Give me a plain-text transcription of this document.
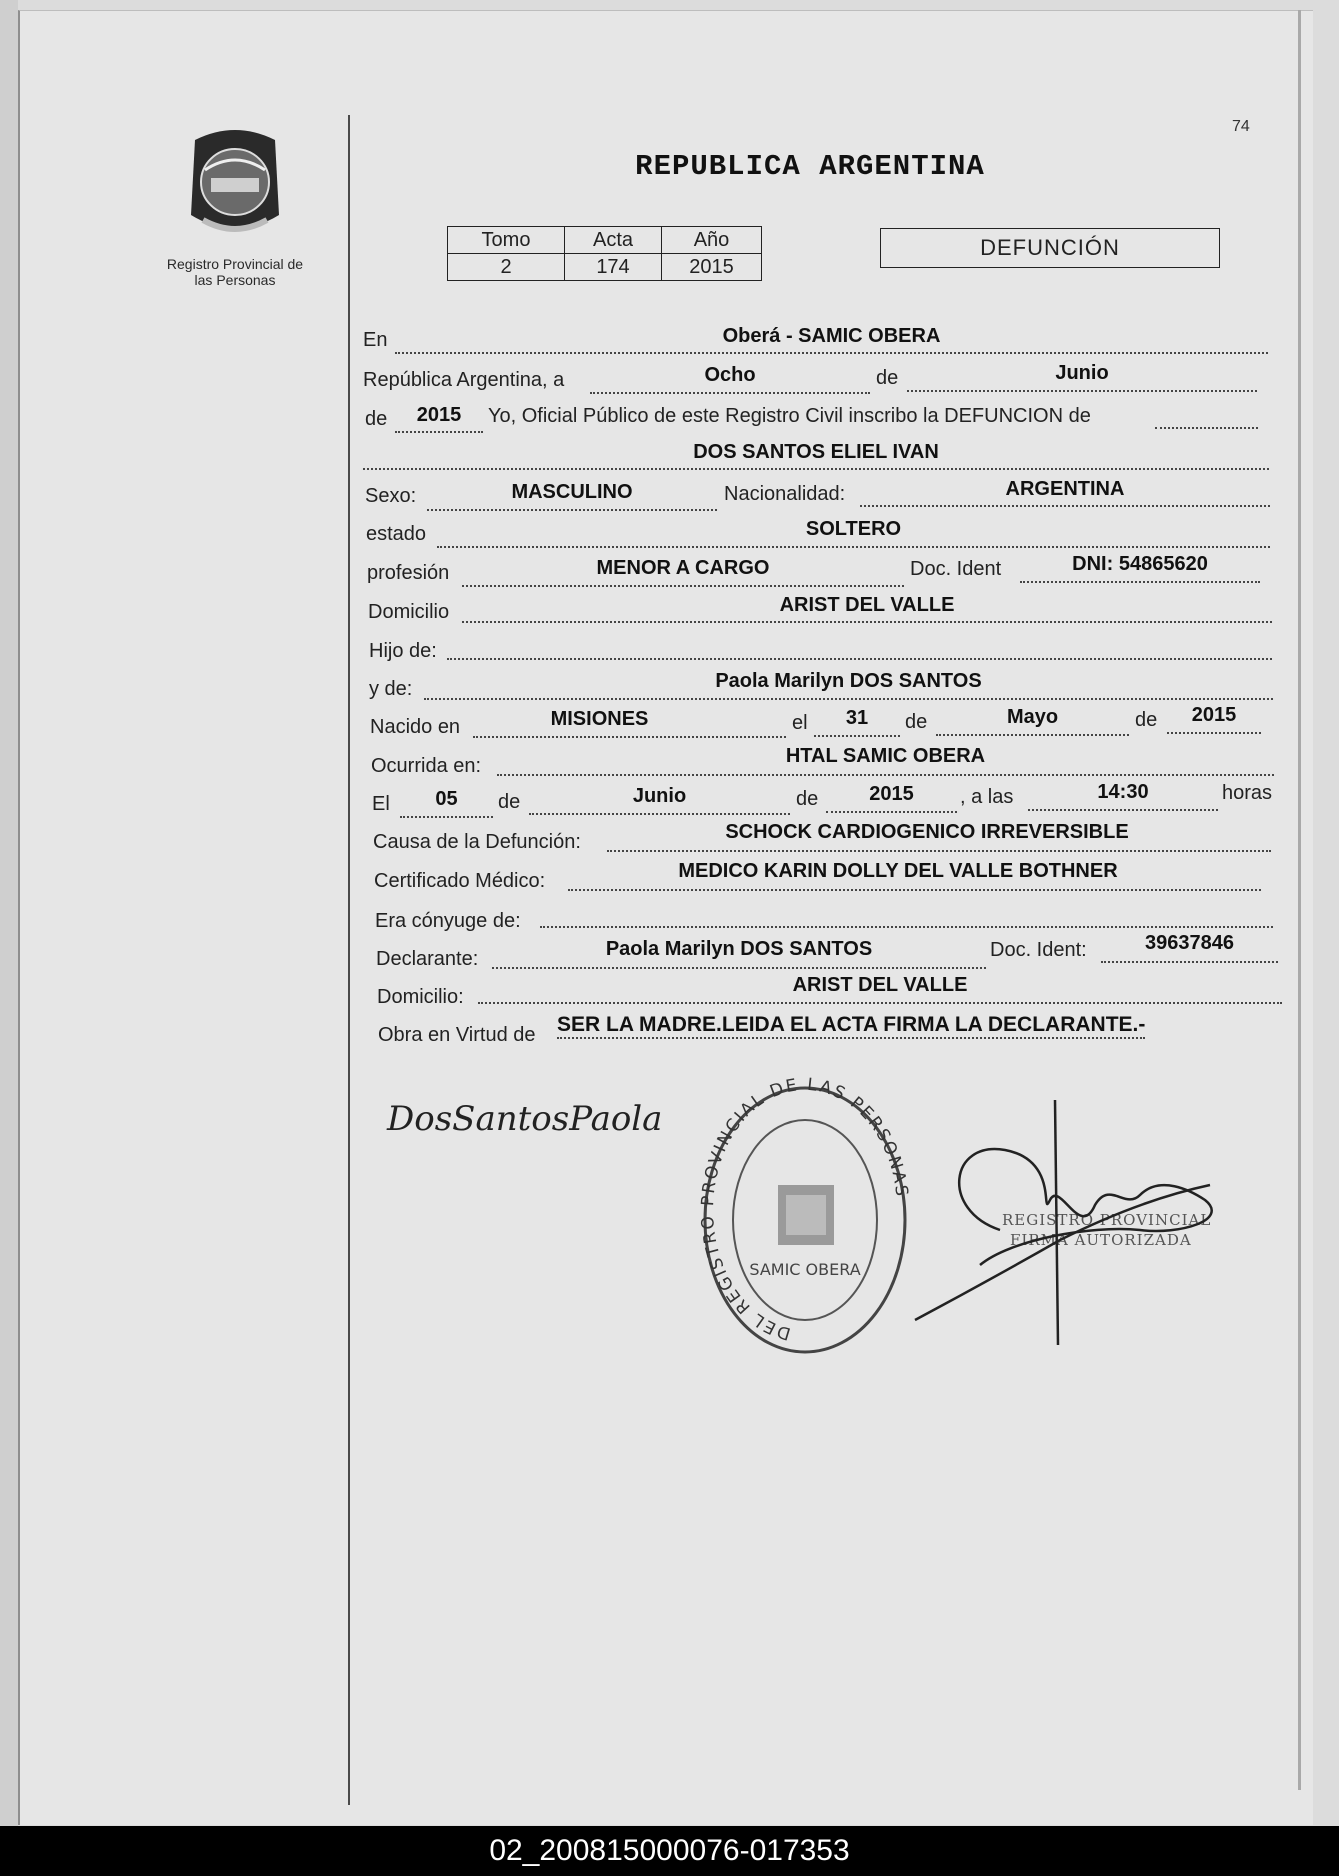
Registro Provincial de
las Personas
74
REPUBLICA ARGENTINA
Tomo	Acta	Año
2	174	2015
DEFUNCIÓN
En	Oberá - SAMIC OBERA
República Argentina, a	Ocho	de	Junio
de	2015	Yo, Oficial Público de este Registro Civil inscribo la DEFUNCION de
DOS SANTOS ELIEL IVAN
Sexo:	MASCULINO	Nacionalidad:	ARGENTINA
estado	SOLTERO
profesión	MENOR A CARGO	Doc. Ident	DNI: 54865620
Domicilio	ARIST DEL VALLE
Hijo de:
y de:	Paola Marilyn DOS SANTOS
Nacido en	MISIONES	el	31	de	Mayo	de	2015
Ocurrida en:	HTAL SAMIC OBERA
El	05	de	Junio	de	2015	, a las	14:30	horas
Causa de la Defunción:	SCHOCK CARDIOGENICO IRREVERSIBLE
Certificado Médico:	MEDICO KARIN DOLLY DEL VALLE BOTHNER
Era cónyuge de:
Declarante:	Paola Marilyn DOS SANTOS	Doc. Ident:	39637846
Domicilio:
ARIST DEL VALLE
Obra en Virtud de SER LA MADRE.LEIDA EL ACTA FIRMA LA DECLARANTE.-
DosSantosPaola
DEL REGISTRO PROVINCIAL DE LAS PERSONAS
SAMIC OBERA
REGISTRO PROVINCIAL
FIRMA AUTORIZADA
02_200815000076-017353
